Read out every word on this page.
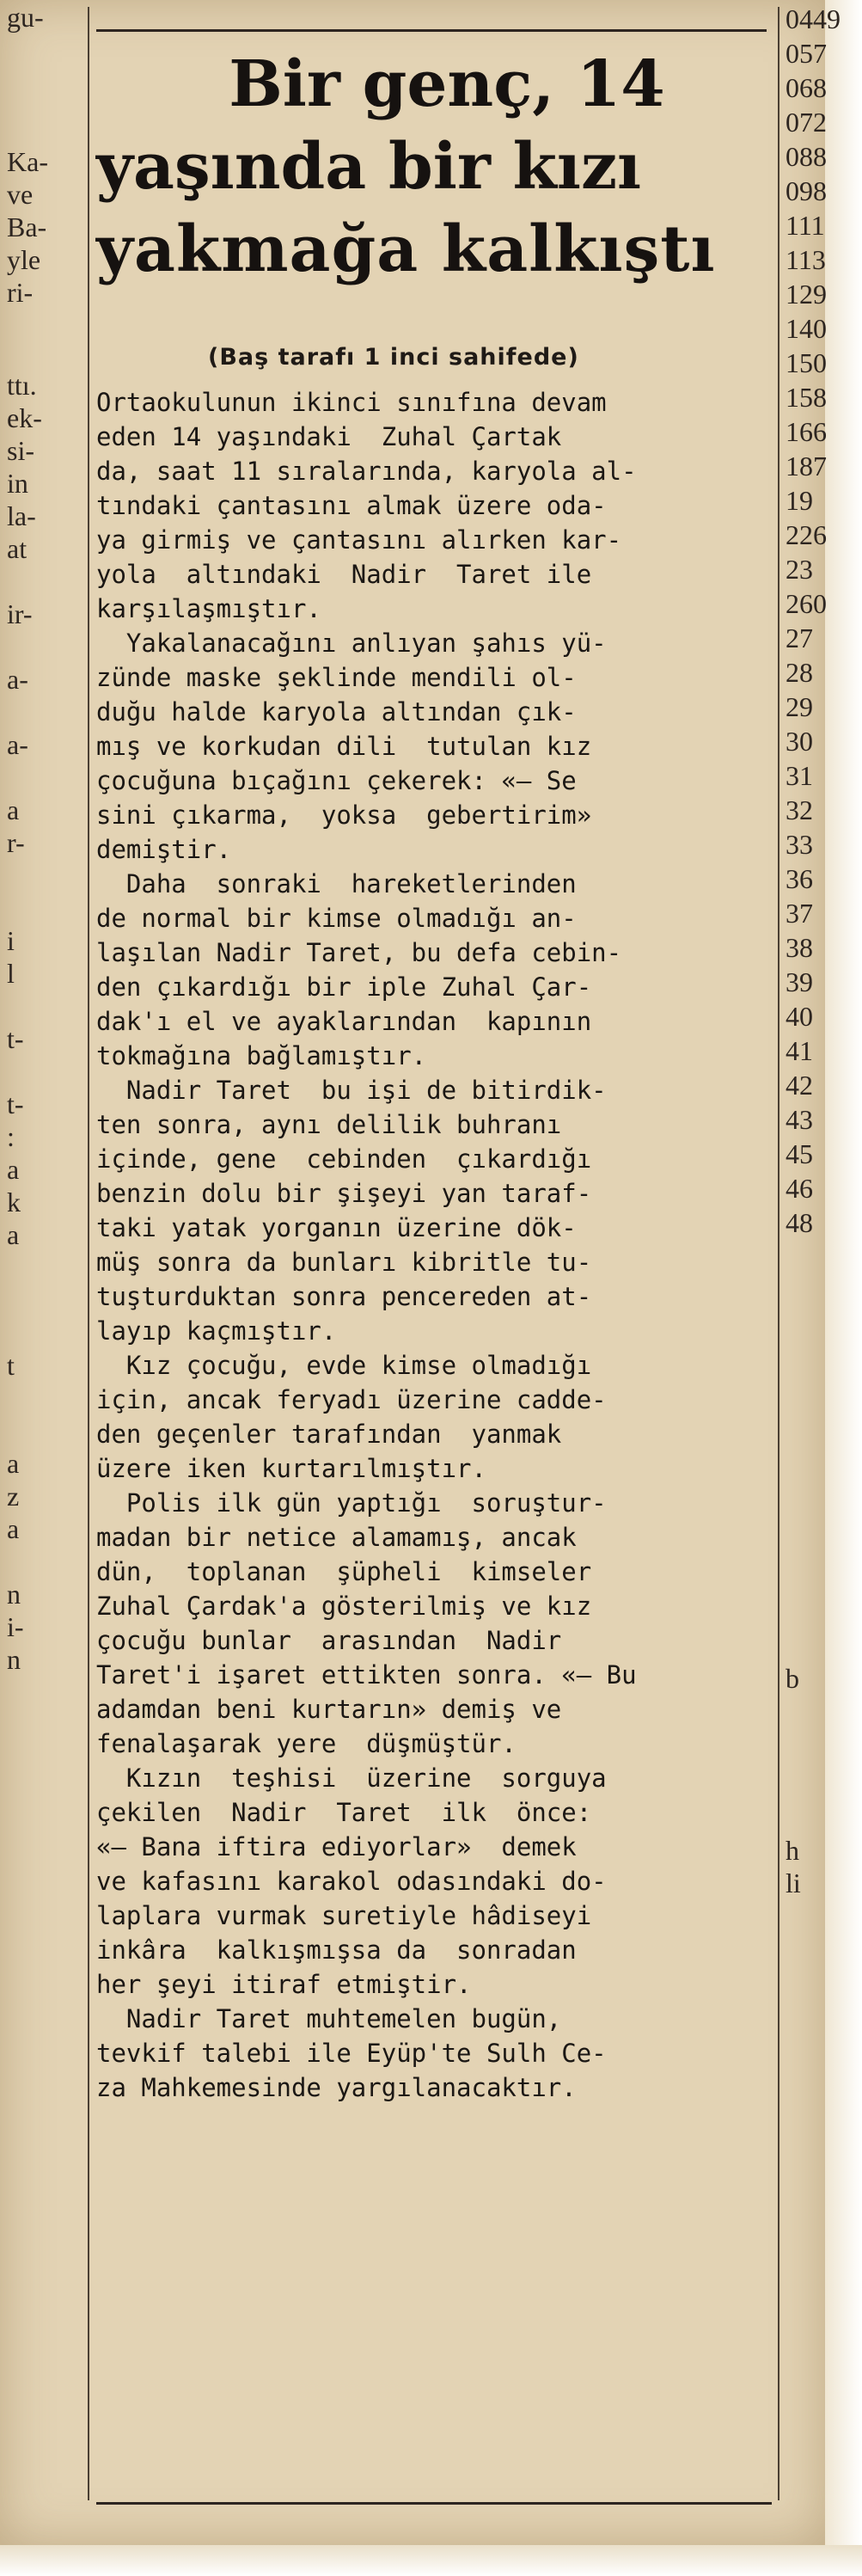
gu-
Ka-
ve
Ba-
yle
ri-
ttı.
ek-
si-
in
la-
at
ir-
a-
a-
a
r-
i
l
t-
t-
:
a
k
a
t
a
z
a
n
i-
n
0449
057
068
072
088
098
111
113
129
140
150
158
166
187
19
226
23
260
27
28
29
30
31
32
33
36
37
38
39
40
41
42
43
45
46
48
b
h
li
Bir genç, 14
yaşında bir kızı
yakmağa kalkıştı
(Baş tarafı 1 inci sahifede)
Ortaokulunun ikinci sınıfına devam
eden 14 yaşındaki  Zuhal Çartak
da, saat 11 sıralarında, karyola al-
tındaki çantasını almak üzere oda-
ya girmiş ve çantasını alırken kar-
yola  altındaki  Nadir  Taret ile
karşılaşmıştır.
Yakalanacağını anlıyan şahıs yü-
zünde maske şeklinde mendili ol-
duğu halde karyola altından çık-
mış ve korkudan dili  tutulan kız
çocuğuna bıçağını çekerek: «— Se
sini çıkarma,  yoksa  gebertirim»
demiştir.
Daha  sonraki  hareketlerinden
de normal bir kimse olmadığı an-
laşılan Nadir Taret, bu defa cebin-
den çıkardığı bir iple Zuhal Çar-
dak'ı el ve ayaklarından  kapının
tokmağına bağlamıştır.
Nadir Taret  bu işi de bitirdik-
ten sonra, aynı delilik buhranı
içinde, gene  cebinden  çıkardığı
benzin dolu bir şişeyi yan taraf-
taki yatak yorganın üzerine dök-
müş sonra da bunları kibritle tu-
tuşturduktan sonra pencereden at-
layıp kaçmıştır.
Kız çocuğu, evde kimse olmadığı
için, ancak feryadı üzerine cadde-
den geçenler tarafından  yanmak
üzere iken kurtarılmıştır.
Polis ilk gün yaptığı  soruştur-
madan bir netice alamamış, ancak
dün,  toplanan  şüpheli  kimseler
Zuhal Çardak'a gösterilmiş ve kız
çocuğu bunlar  arasından  Nadir
Taret'i işaret ettikten sonra. «— Bu
adamdan beni kurtarın» demiş ve
fenalaşarak yere  düşmüştür.
Kızın  teşhisi  üzerine  sorguya
çekilen  Nadir  Taret  ilk  önce:
«— Bana iftira ediyorlar»  demek
ve kafasını karakol odasındaki do-
laplara vurmak suretiyle hâdiseyi
inkâra  kalkışmışsa da  sonradan
her şeyi itiraf etmiştir.
Nadir Taret muhtemelen bugün,
tevkif talebi ile Eyüp'te Sulh Ce-
za Mahkemesinde yargılanacaktır.
